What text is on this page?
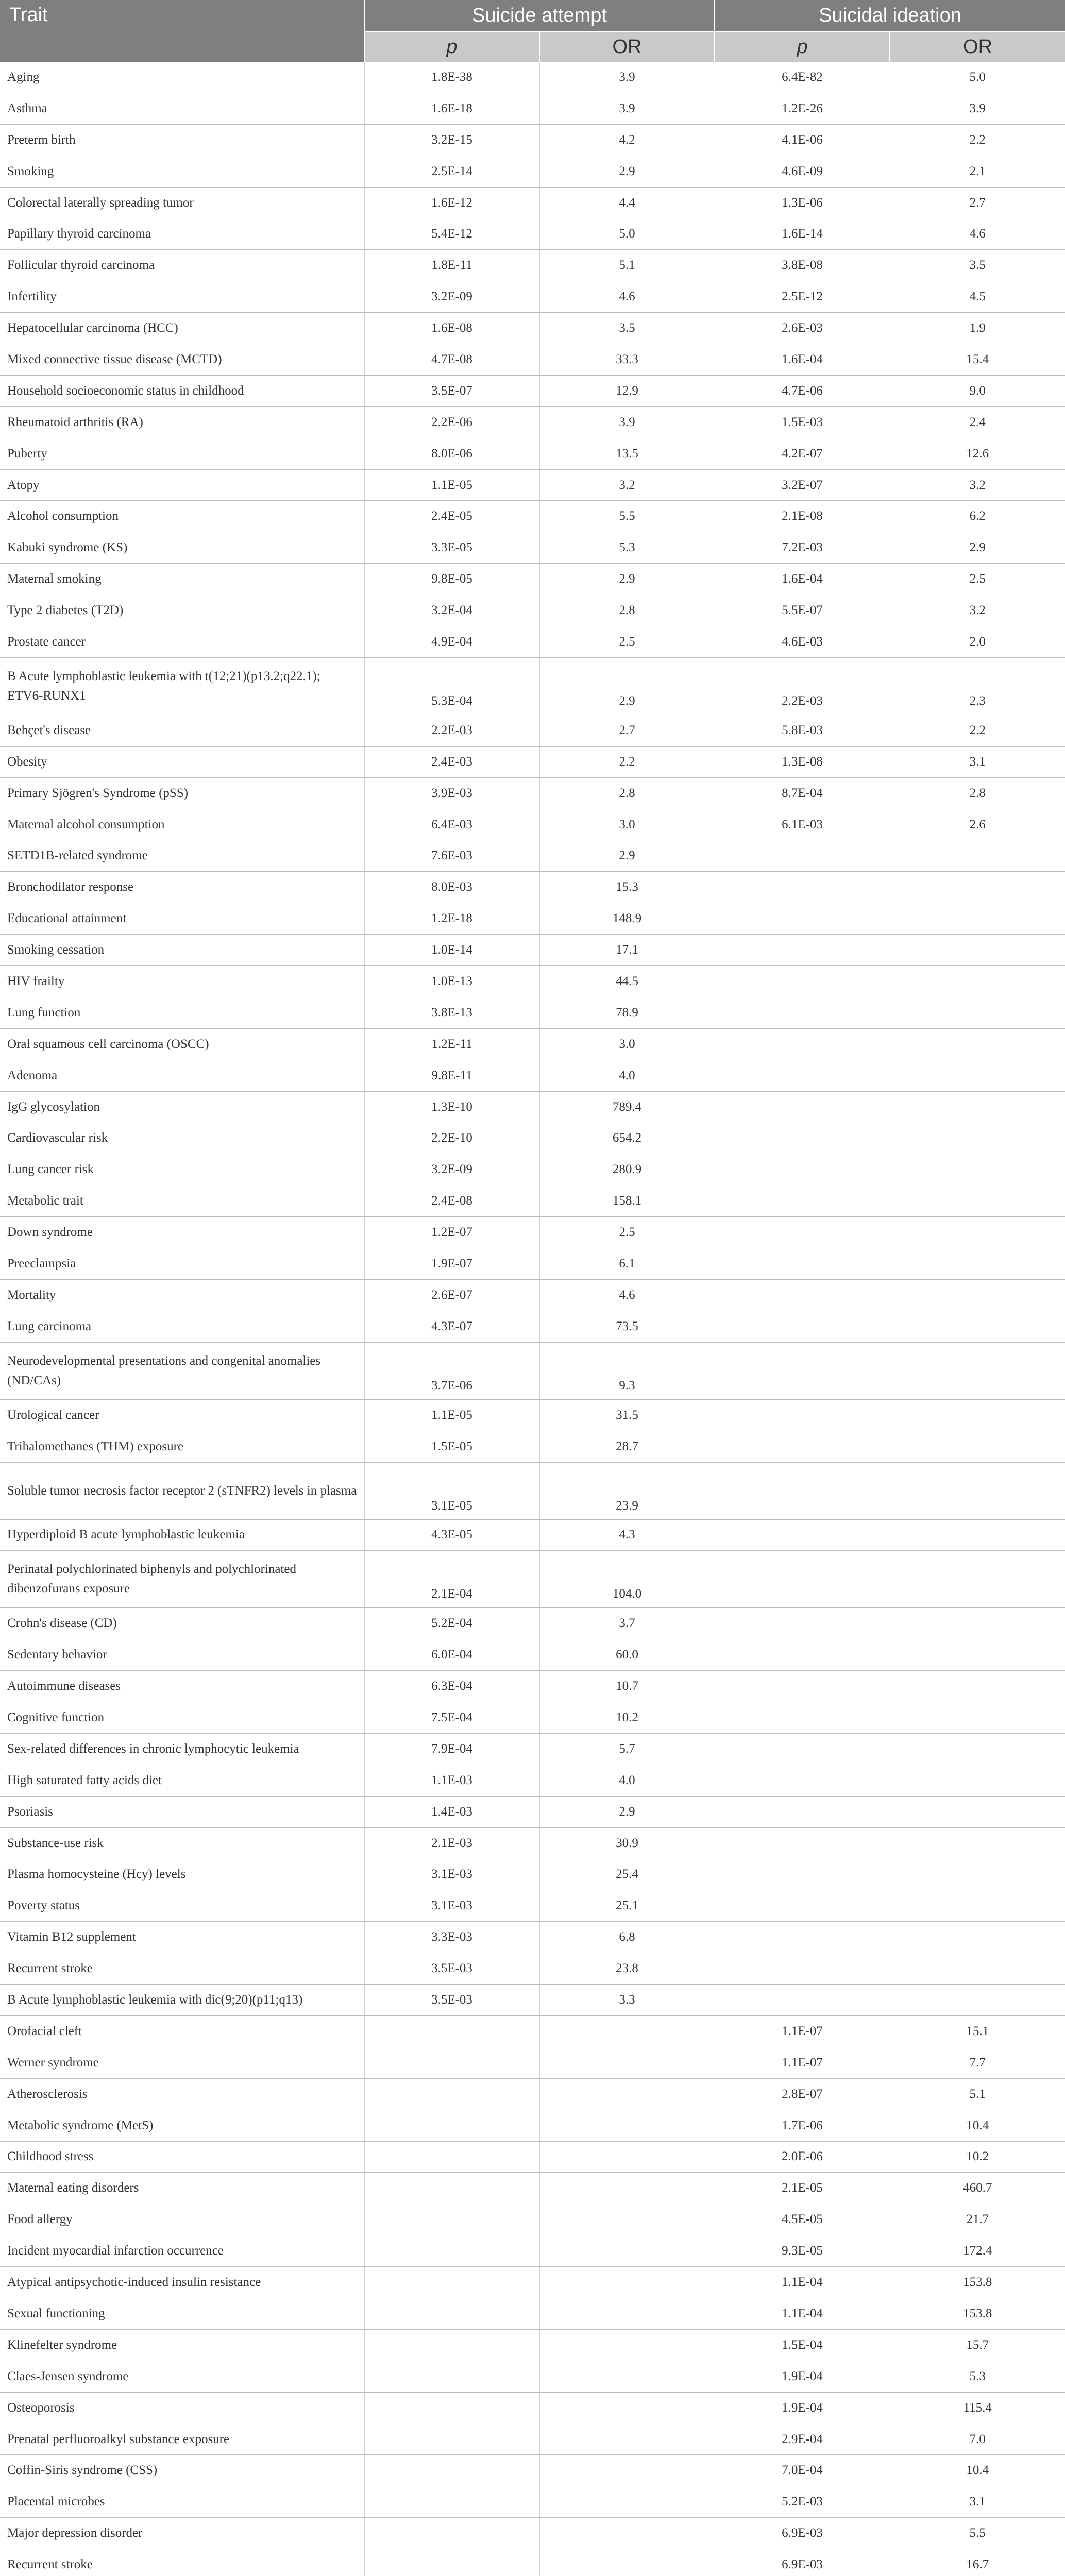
Trait	Suicide attempt		Suicidal ideation	
	p	OR	p	OR
Aging	1.8E-38	3.9	6.4E-82	5.0
Asthma	1.6E-18	3.9	1.2E-26	3.9
Preterm birth	3.2E-15	4.2	4.1E-06	2.2
Smoking	2.5E-14	2.9	4.6E-09	2.1
Colorectal laterally spreading tumor	1.6E-12	4.4	1.3E-06	2.7
Papillary thyroid carcinoma	5.4E-12	5.0	1.6E-14	4.6
Follicular thyroid carcinoma	1.8E-11	5.1	3.8E-08	3.5
Infertility	3.2E-09	4.6	2.5E-12	4.5
Hepatocellular carcinoma (HCC)	1.6E-08	3.5	2.6E-03	1.9
Mixed connective tissue disease (MCTD)	4.7E-08	33.3	1.6E-04	15.4
Household socioeconomic status in childhood	3.5E-07	12.9	4.7E-06	9.0
Rheumatoid arthritis (RA)	2.2E-06	3.9	1.5E-03	2.4
Puberty	8.0E-06	13.5	4.2E-07	12.6
Atopy	1.1E-05	3.2	3.2E-07	3.2
Alcohol consumption	2.4E-05	5.5	2.1E-08	6.2
Kabuki syndrome (KS)	3.3E-05	5.3	7.2E-03	2.9
Maternal smoking	9.8E-05	2.9	1.6E-04	2.5
Type 2 diabetes (T2D)	3.2E-04	2.8	5.5E-07	3.2
Prostate cancer	4.9E-04	2.5	4.6E-03	2.0
B Acute lymphoblastic leukemia with t(12;21)(p13.2;q22.1); ETV6-RUNX1	5.3E-04	2.9	2.2E-03	2.3
Behçet's disease	2.2E-03	2.7	5.8E-03	2.2
Obesity	2.4E-03	2.2	1.3E-08	3.1
Primary Sjögren's Syndrome (pSS)	3.9E-03	2.8	8.7E-04	2.8
Maternal alcohol consumption	6.4E-03	3.0	6.1E-03	2.6
SETD1B-related syndrome	7.6E-03	2.9		
Bronchodilator response	8.0E-03	15.3		
Educational attainment	1.2E-18	148.9		
Smoking cessation	1.0E-14	17.1		
HIV frailty	1.0E-13	44.5		
Lung function	3.8E-13	78.9		
Oral squamous cell carcinoma (OSCC)	1.2E-11	3.0		
Adenoma	9.8E-11	4.0		
IgG glycosylation	1.3E-10	789.4		
Cardiovascular risk	2.2E-10	654.2		
Lung cancer risk	3.2E-09	280.9		
Metabolic trait	2.4E-08	158.1		
Down syndrome	1.2E-07	2.5		
Preeclampsia	1.9E-07	6.1		
Mortality	2.6E-07	4.6		
Lung carcinoma	4.3E-07	73.5		
Neurodevelopmental presentations and congenital anomalies (ND/CAs)	3.7E-06	9.3		
Urological cancer	1.1E-05	31.5		
Trihalomethanes (THM) exposure	1.5E-05	28.7		
Soluble tumor necrosis factor receptor 2 (sTNFR2) levels in plasma	3.1E-05	23.9		
Hyperdiploid B acute lymphoblastic leukemia	4.3E-05	4.3		
Perinatal polychlorinated biphenyls and polychlorinated dibenzofurans exposure	2.1E-04	104.0		
Crohn's disease (CD)	5.2E-04	3.7		
Sedentary behavior	6.0E-04	60.0		
Autoimmune diseases	6.3E-04	10.7		
Cognitive function	7.5E-04	10.2		
Sex-related differences in chronic lymphocytic leukemia	7.9E-04	5.7		
High saturated fatty acids diet	1.1E-03	4.0		
Psoriasis	1.4E-03	2.9		
Substance-use risk	2.1E-03	30.9		
Plasma homocysteine (Hcy) levels	3.1E-03	25.4		
Poverty status	3.1E-03	25.1		
Vitamin B12 supplement	3.3E-03	6.8		
Recurrent stroke	3.5E-03	23.8		
B Acute lymphoblastic leukemia with dic(9;20)(p11;q13)	3.5E-03	3.3		
Orofacial cleft			1.1E-07	15.1
Werner syndrome			1.1E-07	7.7
Atherosclerosis			2.8E-07	5.1
Metabolic syndrome (MetS)			1.7E-06	10.4
Childhood stress			2.0E-06	10.2
Maternal eating disorders			2.1E-05	460.7
Food allergy			4.5E-05	21.7
Incident myocardial infarction occurrence			9.3E-05	172.4
Atypical antipsychotic-induced insulin resistance			1.1E-04	153.8
Sexual functioning			1.1E-04	153.8
Klinefelter syndrome			1.5E-04	15.7
Claes-Jensen syndrome			1.9E-04	5.3
Osteoporosis			1.9E-04	115.4
Prenatal perfluoroalkyl substance exposure			2.9E-04	7.0
Coffin-Siris syndrome (CSS)			7.0E-04	10.4
Placental microbes			5.2E-03	3.1
Major depression disorder			6.9E-03	5.5
Recurrent stroke			6.9E-03	16.7
